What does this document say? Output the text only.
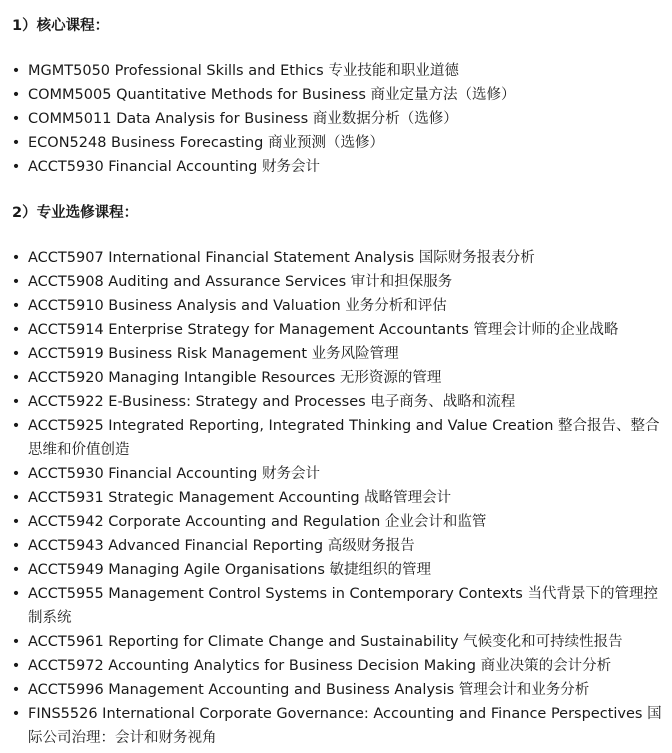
1）核心课程：
• MGMT5050 Professional Skills and Ethics 专业技能和职业道德
• COMM5005 Quantitative Methods for Business 商业定量方法（选修）
• COMM5011 Data Analysis for Business 商业数据分析（选修）
• ECON5248 Business Forecasting 商业预测（选修）
• ACCT5930 Financial Accounting 财务会计
2）专业选修课程：
• ACCT5907 International Financial Statement Analysis 国际财务报表分析
• ACCT5908 Auditing and Assurance Services 审计和担保服务
• ACCT5910 Business Analysis and Valuation 业务分析和评估
• ACCT5914 Enterprise Strategy for Management Accountants 管理会计师的企业战略
• ACCT5919 Business Risk Management 业务风险管理
• ACCT5920 Managing Intangible Resources 无形资源的管理
• ACCT5922 E-Business: Strategy and Processes 电子商务、战略和流程
• ACCT5925 Integrated Reporting, Integrated Thinking and Value Creation 整合报告、整合思维和价值创造
• ACCT5930 Financial Accounting 财务会计
• ACCT5931 Strategic Management Accounting 战略管理会计
• ACCT5942 Corporate Accounting and Regulation 企业会计和监管
• ACCT5943 Advanced Financial Reporting 高级财务报告
• ACCT5949 Managing Agile Organisations 敏捷组织的管理
• ACCT5955 Management Control Systems in Contemporary Contexts 当代背景下的管理控制系统
• ACCT5961 Reporting for Climate Change and Sustainability 气候变化和可持续性报告
• ACCT5972 Accounting Analytics for Business Decision Making 商业决策的会计分析
• ACCT5996 Management Accounting and Business Analysis 管理会计和业务分析
• FINS5526 International Corporate Governance: Accounting and Finance Perspectives 国际公司治理：会计和财务视角
